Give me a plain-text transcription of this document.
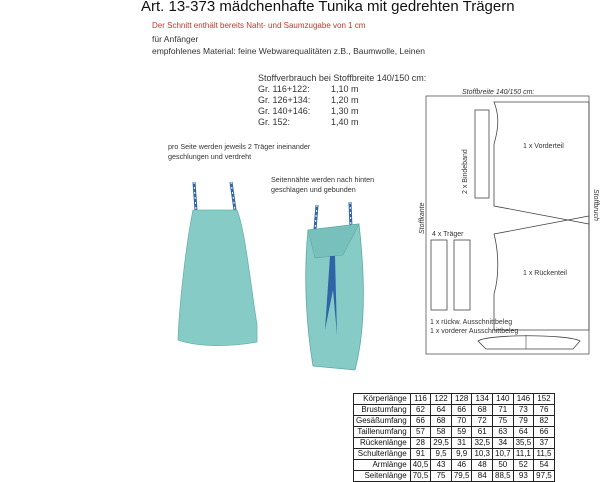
Art. 13-373 mädchenhafte Tunika mit gedrehten Trägern
Der Schnitt enthält bereits Naht- und Saumzugabe von 1 cm
für Anfänger
empfohlenes Material: feine Webwarequalitäten z.B., Baumwolle, Leinen
Stoffverbrauch bei Stoffbreite 140/150 cm:
Gr. 116+122: 1,10 m
Gr. 126+134: 1,20 m
Gr. 140+146: 1,30 m
Gr. 152:	1,40 m
pro Seite werden jeweils 2 Träger ineinander geschlungen und verdreht
Seitennähte werden nach hinten geschlagen und gebunden
Stoffbreite 140/150 cm:
Stoffkante	Stoffbruch
2 x Bindeband
1 x Vorderteil
4 x Träger
1 x Rückenteil
1 x rückw. Ausschnittbeleg
1 x vorderer Ausschnittbeleg
Körperlänge	116	122	128	134	140	146	152
Brustumfang	62	64	66	68	71	73	76
Gesäßumfang	66	68	70	72	75	79	82
Taillenumfang	57	58	59	61	63	64	66
Rückenlänge	28	29,5	31	32,5	34	35,5	37
Schulterlänge	91	9,5	9,9	10,3	10,7	11,1	11,5
Armlänge	40,5	43	46	48	50	52	54
Seitenlänge	70,5	75	79,5	84	88,5	93	97,5
